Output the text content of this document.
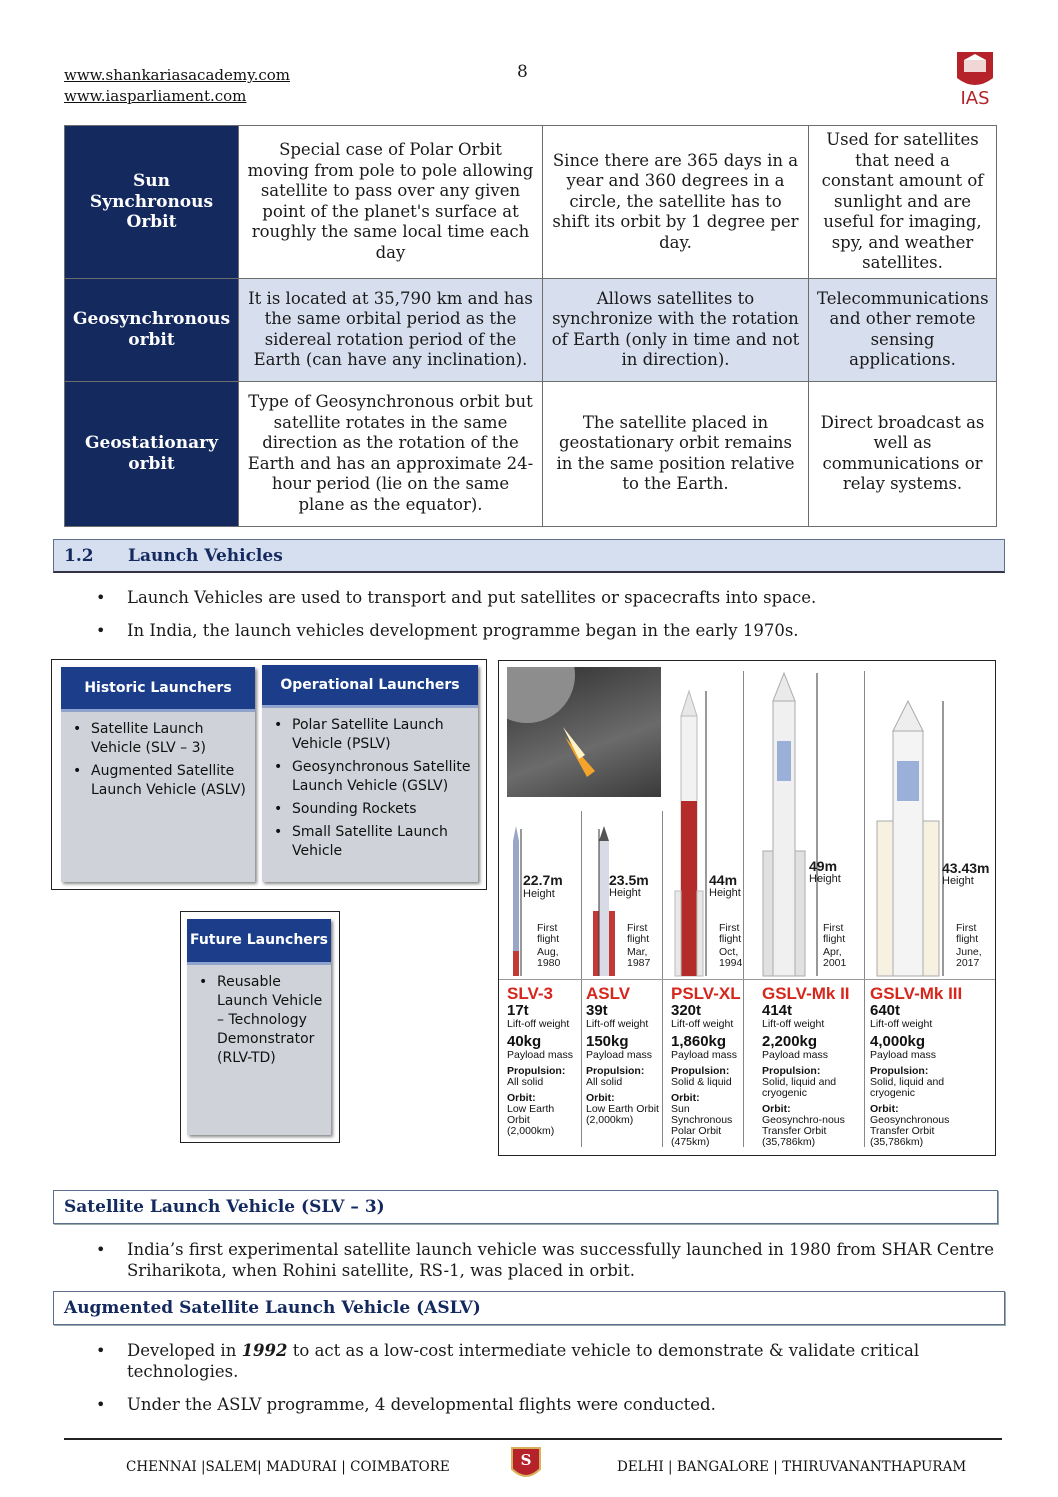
www.shankariasacademy.com
www.iasparliament.com
8
IAS
Sun Synchronous Orbit	Special case of Polar Orbit moving from pole to pole allowing satellite to pass over any given point of the planet's surface at roughly the same local time each day	Since there are 365 days in a year and 360 degrees in a circle, the satellite has to shift its orbit by 1 degree per day.	Used for satellites that need a constant amount of sunlight and are useful for imaging, spy, and weather satellites.
Geosynchronous orbit	It is located at 35,790 km and has the same orbital period as the sidereal rotation period of the Earth (can have any inclination).	Allows satellites to synchronize with the rotation of Earth (only in time and not in direction).	Telecommunications and other remote sensing applications.
Geostationary orbit	Type of Geosynchronous orbit but satellite rotates in the same direction as the rotation of the Earth and has an approximate 24-hour period (lie on the same plane as the equator).	The satellite placed in geostationary orbit remains in the same position relative to the Earth.	Direct broadcast as well as communications or relay systems.
1.2 Launch Vehicles
• Launch Vehicles are used to transport and put satellites or spacecrafts into space.
• In India, the launch vehicles development programme began in the early 1970s.
Historic Launchers
• Satellite Launch Vehicle (SLV – 3)
• Augmented Satellite Launch Vehicle (ASLV)
Operational Launchers
• Polar Satellite Launch Vehicle (PSLV)
• Geosynchronous Satellite Launch Vehicle (GSLV)
• Sounding Rockets
• Small Satellite Launch Vehicle
Future Launchers
• Reusable Launch Vehicle – Technology Demonstrator (RLV-TD)
22.7m
Height
First flight
Aug, 1980
23.5m
Height
First flight
Mar, 1987
44m
Height
First flight
Oct, 1994
49m
Height
First flight
Apr, 2001
43.43m
Height
First flight
June, 2017
SLV-3
17t
Lift-off weight
40kg
Payload mass
Propulsion:
All solid
Orbit:
Low Earth Orbit (2,000km)
ASLV
39t
Lift-off weight
150kg
Payload mass
Propulsion:
All solid
Orbit:
Low Earth Orbit (2,000km)
PSLV-XL
320t
Lift-off weight
1,860kg
Payload mass
Propulsion:
Solid & liquid
Orbit:
Sun Synchronous Polar Orbit (475km)
GSLV-Mk II
414t
Lift-off weight
2,200kg
Payload mass
Propulsion:
Solid, liquid and cryogenic
Orbit:
Geosynchro-nous Transfer Orbit (35,786km)
GSLV-Mk III
640t
Lift-off weight
4,000kg
Payload mass
Propulsion:
Solid, liquid and cryogenic
Orbit:
Geosynchronous Transfer Orbit (35,786km)
Satellite Launch Vehicle (SLV – 3)
• India’s first experimental satellite launch vehicle was successfully launched in 1980 from SHAR Centre Sriharikota, when Rohini satellite, RS-1, was placed in orbit.
Augmented Satellite Launch Vehicle (ASLV)
• Developed in 1992 to act as a low-cost intermediate vehicle to demonstrate & validate critical technologies.
• Under the ASLV programme, 4 developmental flights were conducted.
CHENNAI |SALEM| MADURAI | COIMBATORE	S	DELHI | BANGALORE | THIRUVANANTHAPURAM
